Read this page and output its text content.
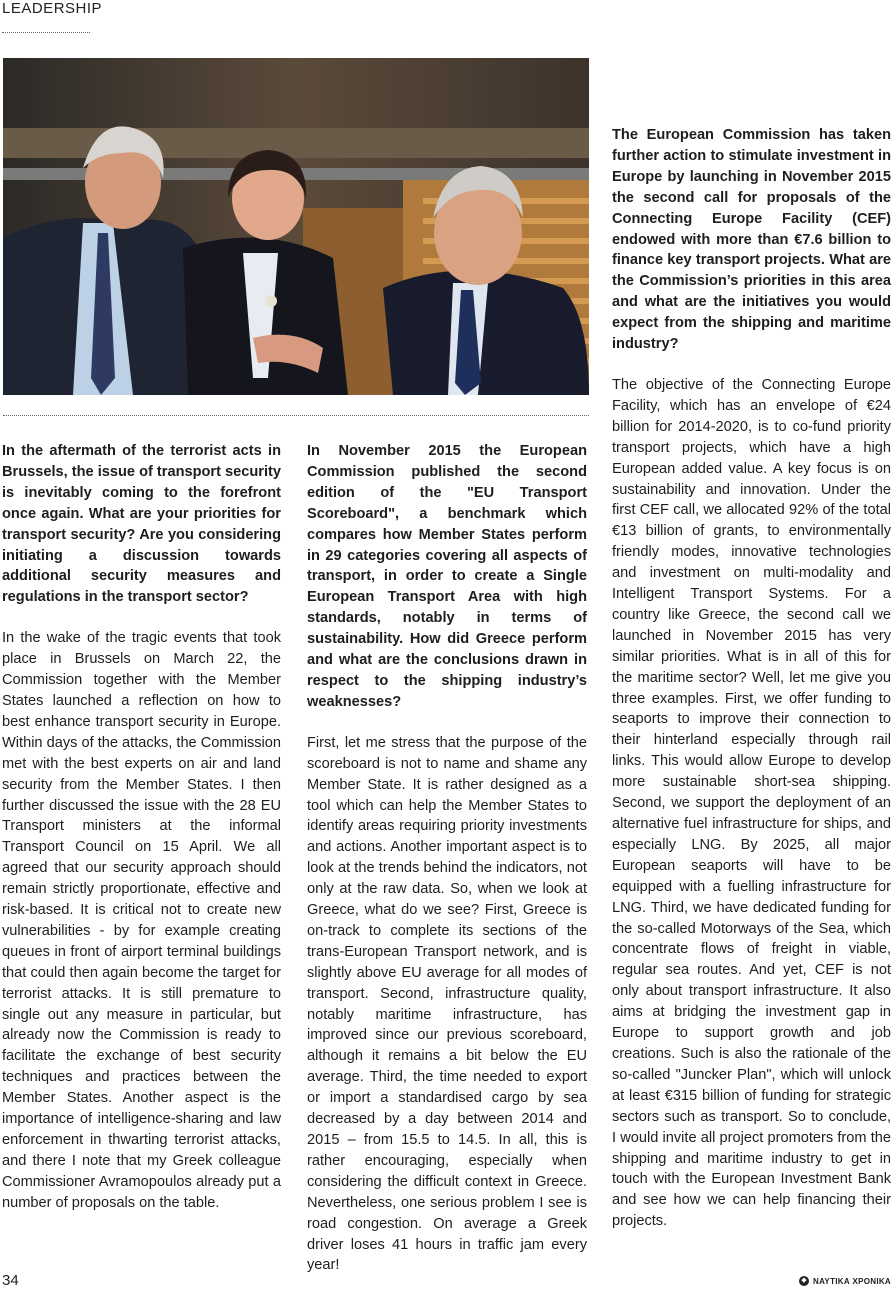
LEADERSHIP

In the aftermath of the terrorist acts in Brussels, the issue of transport security is inevitably coming to the forefront once again. What are your priorities for transport security? Are you considering initiating a discussion towards additional security measures and regulations in the transport sector?

In the wake of the tragic events that took place in Brussels on March 22, the Commission together with the Member States launched a reflection on how to best enhance transport security in Europe. Within days of the attacks, the Commission met with the best experts on air and land security from the Member States. I then further discussed the issue with the 28 EU Transport ministers at the informal Transport Council on 15 April. We all agreed that our security approach should remain strictly proportionate, effective and risk-based. It is critical not to create new vulnerabilities - by for example creating queues in front of airport terminal buildings that could then again become the target for terrorist attacks. It is still premature to single out any measure in particular, but already now the Commission is ready to facilitate the exchange of best security techniques and practices between the Member States. Another aspect is the importance of intelligence-sharing and law enforcement in thwarting terrorist attacks, and there I note that my Greek colleague Commissioner Avramopoulos already put a number of proposals on the table.

In November 2015 the European Commission published the second edition of the "EU Transport Scoreboard", a benchmark which compares how Member States perform in 29 categories covering all aspects of transport, in order to create a Single European Transport Area with high standards, notably in terms of sustainability. How did Greece perform and what are the conclusions drawn in respect to the shipping industry’s weaknesses?

First, let me stress that the purpose of the scoreboard is not to name and shame any Member State. It is rather designed as a tool which can help the Member States to identify areas requiring priority investments and actions. Another important aspect is to look at the trends behind the indicators, not only at the raw data. So, when we look at Greece, what do we see? First, Greece is on-track to complete its sections of the trans-European Transport network, and is slightly above EU average for all modes of transport. Second, infrastructure quality, notably maritime infrastructure, has improved since our previous scoreboard, although it remains a bit below the EU average. Third, the time needed to export or import a standardised cargo by sea decreased by a day between 2014 and 2015 – from 15.5 to 14.5. In all, this is rather encouraging, especially when considering the difficult context in Greece. Nevertheless, one serious problem I see is road congestion. On average a Greek driver loses 41 hours in traffic jam every year!

The European Commission has taken further action to stimulate investment in Europe by launching in November 2015 the second call for proposals of the Connecting Europe Facility (CEF) endowed with more than €7.6 billion to finance key transport projects. What are the Commission’s priorities in this area and what are the initiatives you would expect from the shipping and maritime industry?

The objective of the Connecting Europe Facility, which has an envelope of €24 billion for 2014-2020, is to co-fund priority transport projects, which have a high European added value. A key focus is on sustainability and innovation. Under the first CEF call, we allocated 92% of the total €13 billion of grants, to environmentally friendly modes, innovative technologies and investment on multi-modality and Intelligent Transport Systems. For a country like Greece, the second call we launched in November 2015 has very similar priorities. What is in all of this for the maritime sector? Well, let me give you three examples. First, we offer funding to seaports to improve their connection to their hinterland especially through rail links. This would allow Europe to develop more sustainable short-sea shipping. Second, we support the deployment of an alternative fuel infrastructure for ships, and especially LNG. By 2025, all major European seaports will have to be equipped with a fuelling infrastructure for LNG. Third, we have dedicated funding for the so-called Motorways of the Sea, which concentrate flows of freight in viable, regular sea routes. And yet, CEF is not only about transport infrastructure. It also aims at bridging the investment gap in Europe to support growth and job creations. Such is also the rationale of the so-called "Juncker Plan", which will unlock at least €315 billion of funding for strategic sectors such as transport. So to conclude, I would invite all project promoters from the shipping and maritime industry to get in touch with the European Investment Bank and see how we can help financing their projects.

34	◆ ΝΑΥΤΙΚΑ ΧΡΟΝΙΚΑ
